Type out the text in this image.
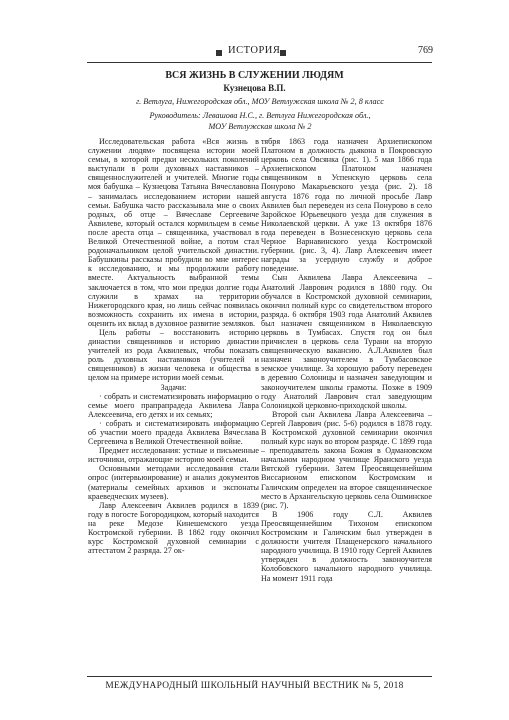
ИСТОРИЯ	769
ВСЯ ЖИЗНЬ В СЛУЖЕНИИ ЛЮДЯМ
Кузнецова В.П.
г. Ветлуга, Нижегородская обл., МОУ Ветлужская школа № 2, 8 класс
Руководитель: Левашова Н.С., г. Ветлуга Нижегородская обл., МОУ Ветлужская школа № 2

Исследовательская работа «Вся жизнь в служении людям» посвящена истории моей семьи, в которой предки нескольких поколений выступали в роли духовных наставников – священнослужителей и учителей. Многие годы моя бабушка – Кузнецова Татьяна Вячеславовна – занималась исследованием истории нашей семьи. Бабушка часто рассказывала мне о своих родных, об отце – Вячеславе Сергеевиче Аквилеве, который остался кормильцем в семье после ареста отца – священника, участвовал в Великой Отечественной войне, а потом стал родоначальником целой учительской династии. Бабушкины рассказы пробудили во мне интерес к исследованию, и мы продолжили работу вместе. Актуальность выбранной темы заключается в том, что мои предки долгие годы служили в храмах на территории Нижегородского края, но лишь сейчас появилась возможность сохранить их имена в истории, оценить их вклад в духовное развитие земляков.

Цель работы – восстановить историю династии священников и историю династии учителей из рода Аквилевых, чтобы показать роль духовных наставников (учителей и священников) в жизни человека и общества в целом на примере истории моей семьи.

Задачи:

· собрать и систематизировать информацию о семье моего прапрапрадеда Аквилева Лавра Алексеевича, его детях и их семьях;

· собрать и систематизировать информацию об участии моего прадеда Аквилева Вячеслава Сергеевича в Великой Отечественной войне.

Предмет исследования: устные и письменные источники, отражающие историю моей семьи.

Основными методами исследования стали опрос (интервьюирование) и анализ документов (материалы семейных архивов и экспонаты краеведческих музеев).

Лавр Алексеевич Аквилев родился в 1839 году в погосте Богородицком, который находится на реке Медозе Кинешемского уезда Костромской губернии. В 1862 году окончил курс Костромской духовной семинарии с аттестатом 2 разряда. 27 ок-

тября 1863 года назначен Архиепископом Платоном в должность дьякона в Покровскую церковь села Овсянка (рис. 1). 5 мая 1866 года Архиепископом Платоном назначен священником в Успенскую церковь села Понурово Макарьевского уезда (рис. 2). 18 августа 1876 года по личной просьбе Лавр Аквилев был переведен из села Понурово в село Заройское Юрьевецкого уезда для служения в Николаевской церкви. А уже 13 октября 1876 года переведен в Вознесенскую церковь села Черное Варнавинского уезда Костромской губернии. (рис. 3, 4). Лавр Алексеевич имеет награды за усердную службу и доброе поведение.

Сын Аквилева Лавра Алексеевича – Анатолий Лаврович родился в 1880 году. Он обучался в Костромской духовной семинарии, окончил полный курс со свидетельством второго разряда. 6 октября 1903 года Анатолий Аквилев был назначен священником в Николаевскую церковь в Тумбасах. Спустя год он был причислен в церковь села Турани на вторую священническую вакансию. А.Л.Аквилев был назначен законоучителем в Тумбасовское земское училище. За хорошую работу переведен в деревню Солоницы и назначен заведующим и законоучителем школы грамоты. Позже в 1909 году Анатолий Лаврович стал заведующим Солоницкой церковно-приходской школы.

Второй сын Аквилева Лавра Алексеевича – Сергей Лаврович (рис. 5-6) родился в 1878 году. В Костромской духовной семинарии окончил полный курс наук во втором разряде. С 1899 года – преподаватель закона Божия в Одмановском начальном народном училище Яранского уезда Вятской губернии. Затем Преосвященнейшим Виссарионом епископом Костромским и Галичским определен на второе священническое место в Архангельскую церковь села Ошминское (рис. 7).

В 1906 году С.Л. Аквилев Преосвященнейшим Тихоном епископом Костромским и Галичским был утвержден в должности учителя Плащенерского начального народного училища. В 1910 году Сергей Аквилев утвержден в должность законоучителя Колобовского начального народного училища. На момент 1911 года

МЕЖДУНАРОДНЫЙ ШКОЛЬНЫЙ НАУЧНЫЙ ВЕСТНИК № 5, 2018
